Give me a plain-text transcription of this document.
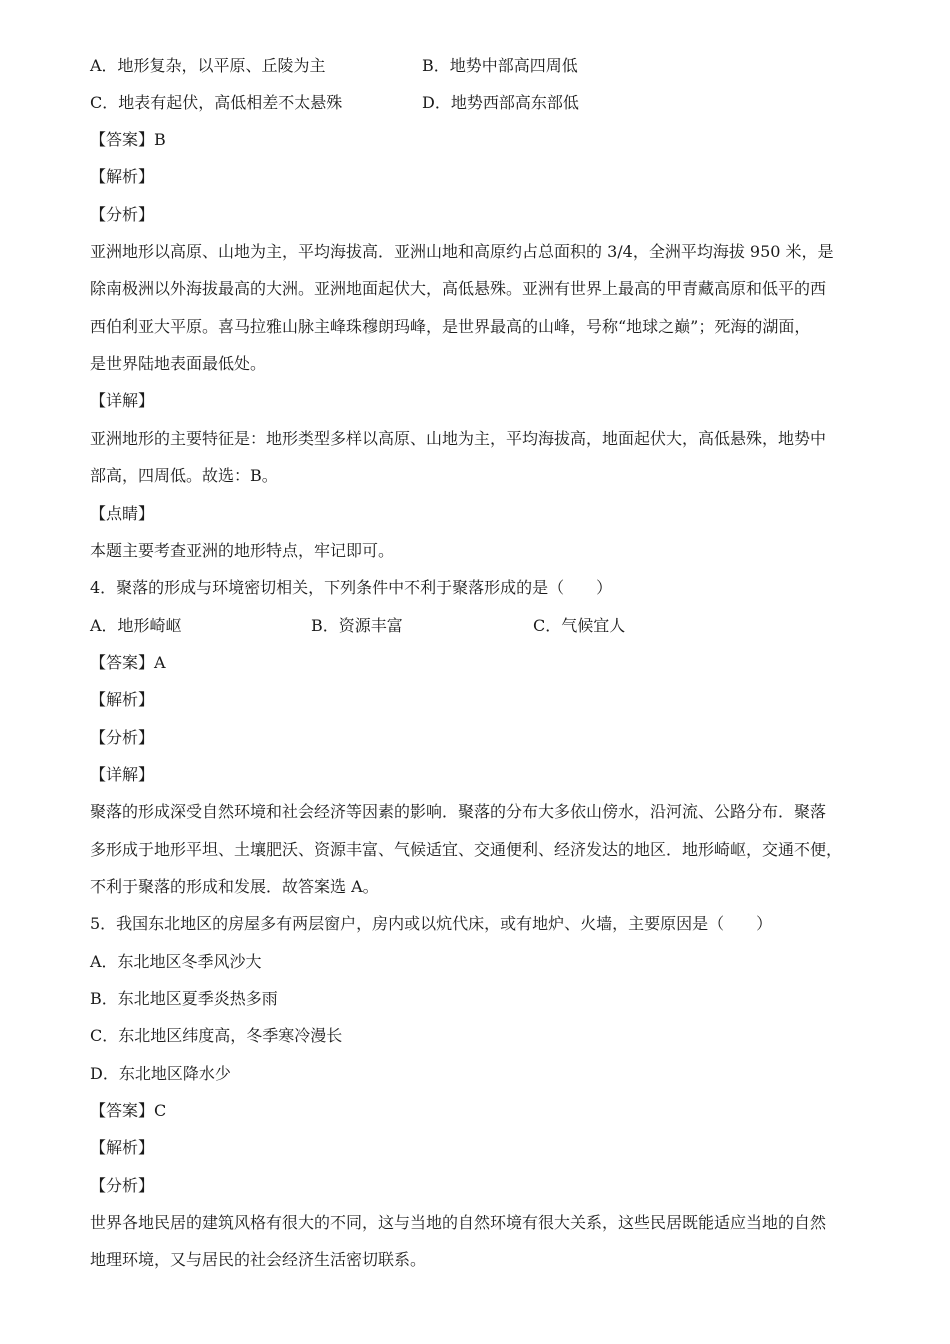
A．地形复杂，以平原、丘陵为主	B．地势中部高四周低
C．地表有起伏，高低相差不太悬殊	D．地势西部高东部低
【答案】B
【解析】
【分析】
亚洲地形以高原、山地为主，平均海拔高．亚洲山地和高原约占总面积的 3/4，全洲平均海拔 950 米，是
除南极洲以外海拔最高的大洲。亚洲地面起伏大，高低悬殊。亚洲有世界上最高的甲青藏高原和低平的西
西伯利亚大平原。喜马拉雅山脉主峰珠穆朗玛峰，是世界最高的山峰，号称“地球之巅”；死海的湖面，
是世界陆地表面最低处。
【详解】
亚洲地形的主要特征是：地形类型多样以高原、山地为主，平均海拔高，地面起伏大，高低悬殊，地势中
部高，四周低。故选：B。
【点睛】
本题主要考查亚洲的地形特点，牢记即可。
4．聚落的形成与环境密切相关，下列条件中不利于聚落形成的是（　　）
A．地形崎岖	B．资源丰富	C．气候宜人
【答案】A
【解析】
【分析】
【详解】
聚落的形成深受自然环境和社会经济等因素的影响．聚落的分布大多依山傍水，沿河流、公路分布．聚落
多形成于地形平坦、土壤肥沃、资源丰富、气候适宜、交通便利、经济发达的地区．地形崎岖，交通不便，
不利于聚落的形成和发展．故答案选 A。
5．我国东北地区的房屋多有两层窗户，房内或以炕代床，或有地炉、火墙，主要原因是（　　）
A．东北地区冬季风沙大
B．东北地区夏季炎热多雨
C．东北地区纬度高，冬季寒冷漫长
D．东北地区降水少
【答案】C
【解析】
【分析】
世界各地民居的建筑风格有很大的不同，这与当地的自然环境有很大关系，这些民居既能适应当地的自然
地理环境，又与居民的社会经济生活密切联系。
